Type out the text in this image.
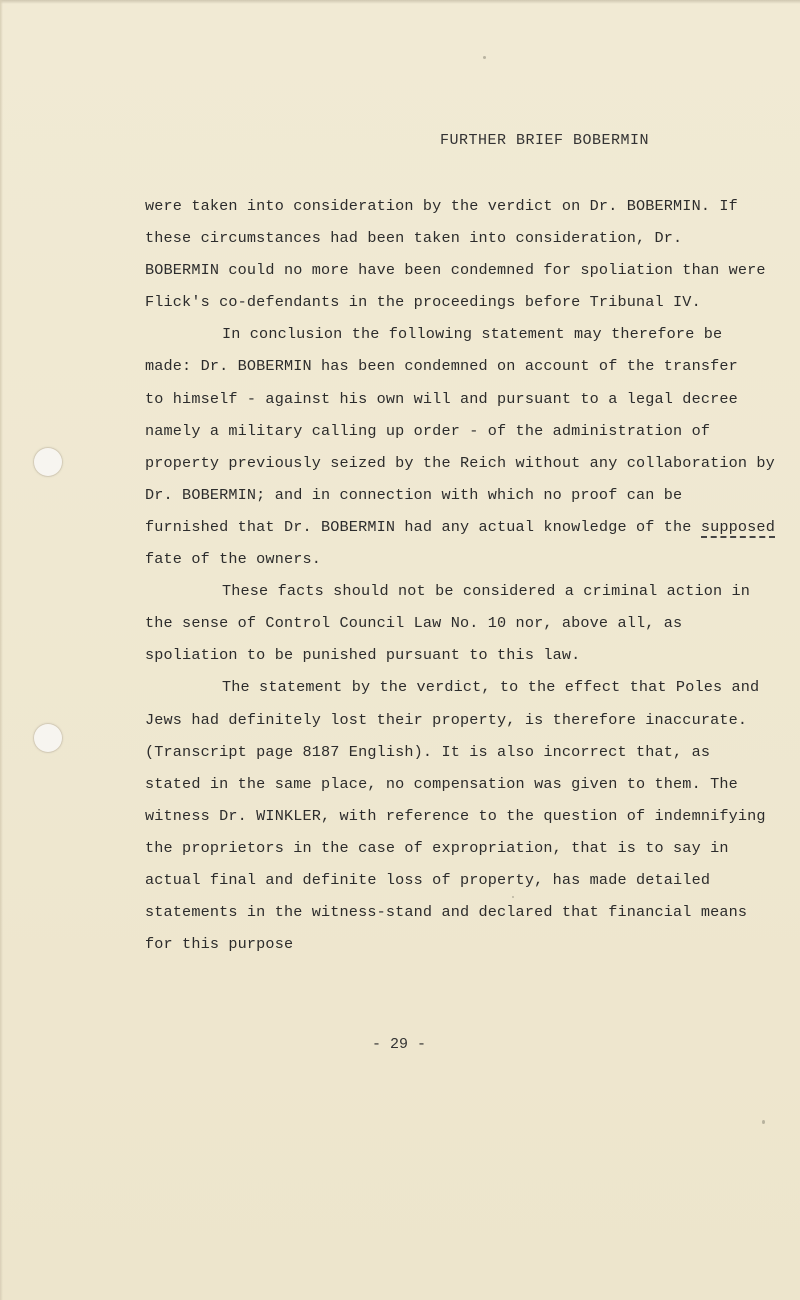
FURTHER BRIEF BOBERMIN
were taken into consideration by the verdict on Dr. BOBERMIN. If
these circumstances had been taken into consideration, Dr.
BOBERMIN could no more have been condemned for spoliation than were
Flick's co-defendants in the proceedings before Tribunal IV.
In conclusion the following statement may therefore be
made: Dr. BOBERMIN has been condemned on account of the transfer
to himself - against his own will and pursuant to a legal decree
namely a military calling up order - of the administration of
property previously seized by the Reich without any collaboration by
Dr. BOBERMIN; and in connection with which no proof can be
furnished that Dr. BOBERMIN had any actual knowledge of the supposed
fate of the owners.
These facts should not be considered a criminal action in
the sense of Control Council Law No. 10 nor, above all, as
spoliation to be punished pursuant to this law.
The statement by the verdict, to the effect that Poles and
Jews had definitely lost their property, is therefore inaccurate.
(Transcript page 8187 English). It is also incorrect that, as
stated in the same place, no compensation was given to them. The
witness Dr. WINKLER, with reference to the question of indemnifying
the proprietors in the case of expropriation, that is to say in
actual final and definite loss of property, has made detailed
statements in the witness-stand and declared that financial means
for this purpose
- 29 -
